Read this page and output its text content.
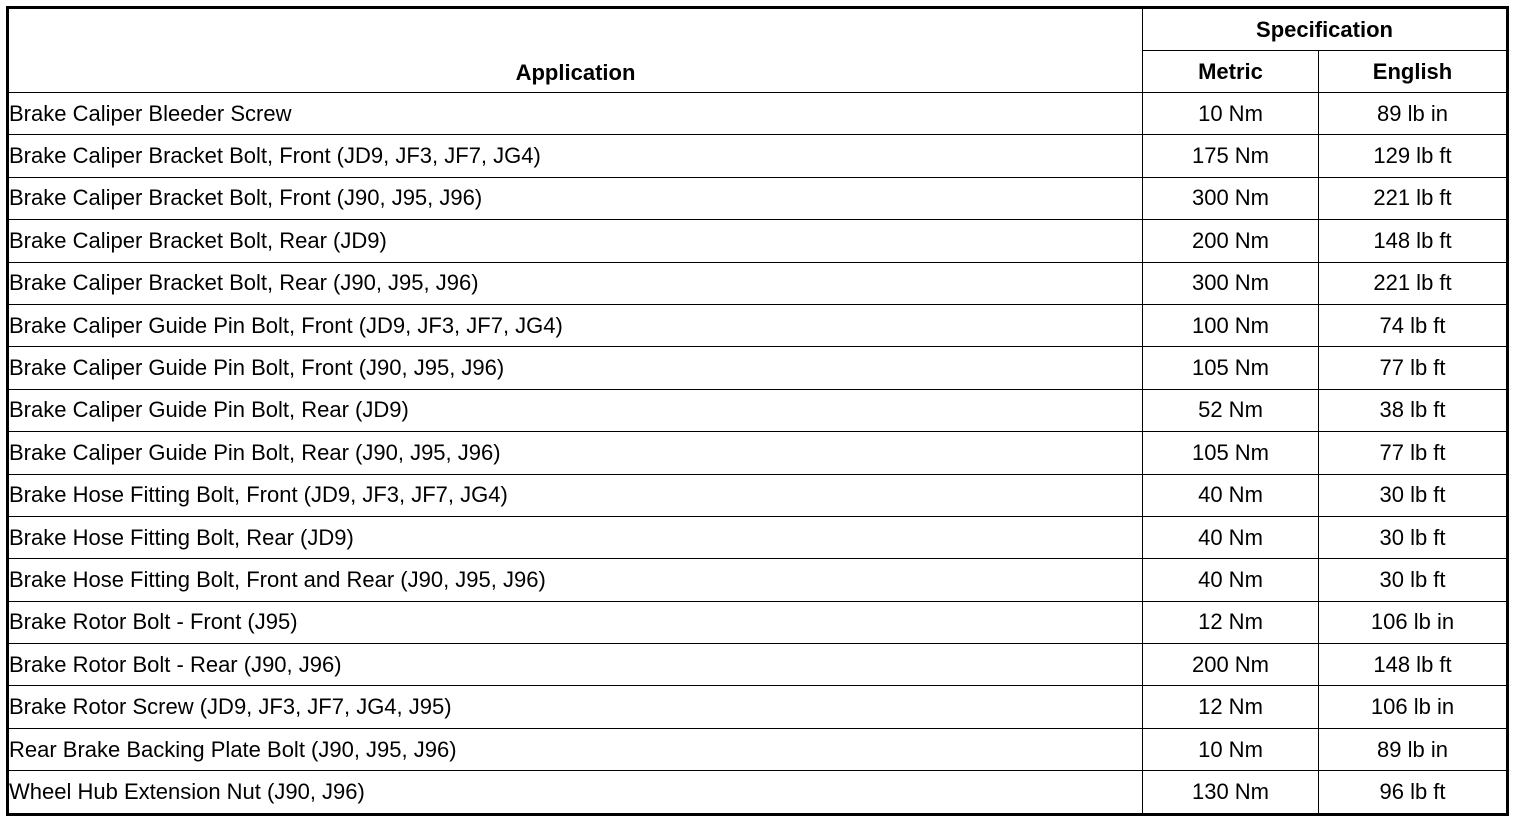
Application	Specification	
	Metric	English
Brake Caliper Bleeder Screw	10 Nm	89 lb in
Brake Caliper Bracket Bolt, Front (JD9, JF3, JF7, JG4)	175 Nm	129 lb ft
Brake Caliper Bracket Bolt, Front (J90, J95, J96)	300 Nm	221 lb ft
Brake Caliper Bracket Bolt, Rear (JD9)	200 Nm	148 lb ft
Brake Caliper Bracket Bolt, Rear (J90, J95, J96)	300 Nm	221 lb ft
Brake Caliper Guide Pin Bolt, Front (JD9, JF3, JF7, JG4)	100 Nm	74 lb ft
Brake Caliper Guide Pin Bolt, Front (J90, J95, J96)	105 Nm	77 lb ft
Brake Caliper Guide Pin Bolt, Rear (JD9)	52 Nm	38 lb ft
Brake Caliper Guide Pin Bolt, Rear (J90, J95, J96)	105 Nm	77 lb ft
Brake Hose Fitting Bolt, Front (JD9, JF3, JF7, JG4)	40 Nm	30 lb ft
Brake Hose Fitting Bolt, Rear (JD9)	40 Nm	30 lb ft
Brake Hose Fitting Bolt, Front and Rear (J90, J95, J96)	40 Nm	30 lb ft
Brake Rotor Bolt - Front (J95)	12 Nm	106 lb in
Brake Rotor Bolt - Rear (J90, J96)	200 Nm	148 lb ft
Brake Rotor Screw (JD9, JF3, JF7, JG4, J95)	12 Nm	106 lb in
Rear Brake Backing Plate Bolt (J90, J95, J96)	10 Nm	89 lb in
Wheel Hub Extension Nut (J90, J96)	130 Nm	96 lb ft
